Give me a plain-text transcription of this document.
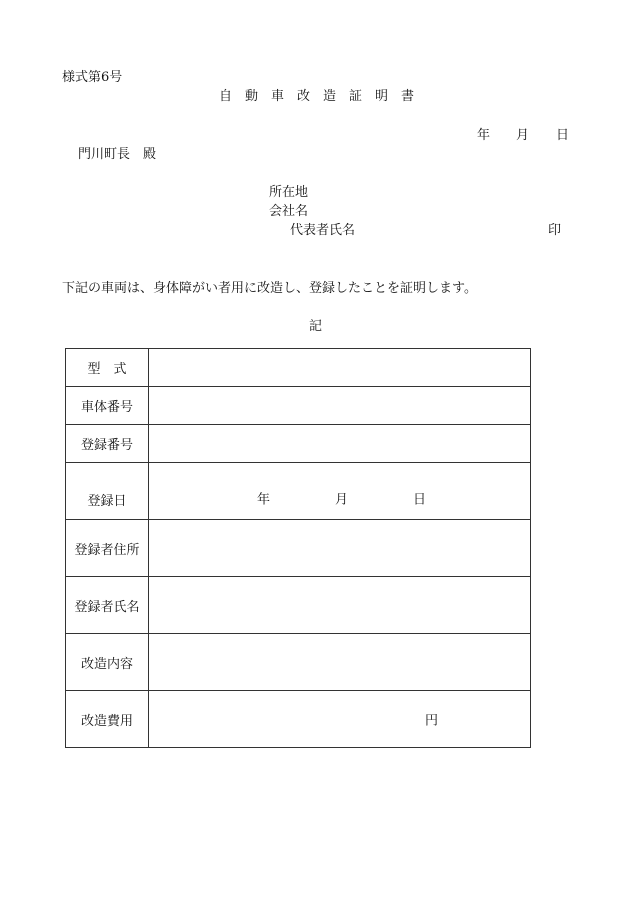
様式第6号
自動車改造証明書
年 月 日
門川町長　殿
所在地
会社名
代表者氏名	印
下記の車両は、身体障がい者用に改造し、登録したことを証明します。
記
型　式	
車体番号	
登録番号	
登録日	年 月 日

登録者住所	
登録者氏名	
改造内容	
改造費用	円
